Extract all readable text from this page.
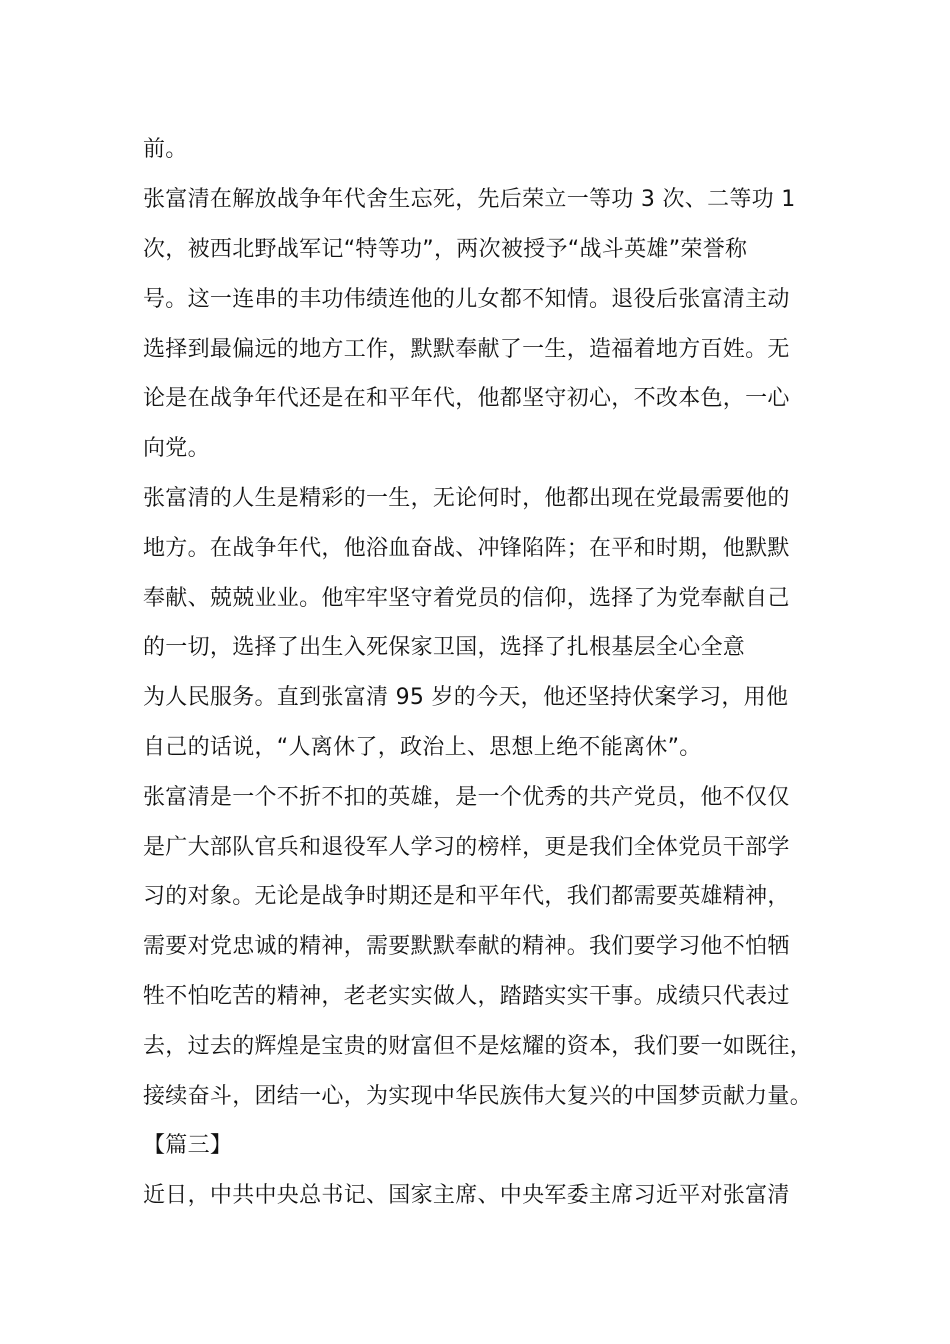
前。
张富清在解放战争年代舍生忘死，先后荣立一等功 3 次、二等功 1
次，被西北野战军记“特等功”，两次被授予“战斗英雄”荣誉称
号。这一连串的丰功伟绩连他的儿女都不知情。退役后张富清主动
选择到最偏远的地方工作，默默奉献了一生，造福着地方百姓。无
论是在战争年代还是在和平年代，他都坚守初心，不改本色，一心
向党。
张富清的人生是精彩的一生，无论何时，他都出现在党最需要他的
地方。在战争年代，他浴血奋战、冲锋陷阵；在平和时期，他默默
奉献、兢兢业业。他牢牢坚守着党员的信仰，选择了为党奉献自己
的一切，选择了出生入死保家卫国，选择了扎根基层全心全意
为人民服务。直到张富清 95 岁的今天，他还坚持伏案学习，用他
自己的话说，“人离休了，政治上、思想上绝不能离休”。
张富清是一个不折不扣的英雄，是一个优秀的共产党员，他不仅仅
是广大部队官兵和退役军人学习的榜样，更是我们全体党员干部学
习的对象。无论是战争时期还是和平年代，我们都需要英雄精神，
需要对党忠诚的精神，需要默默奉献的精神。我们要学习他不怕牺
牲不怕吃苦的精神，老老实实做人，踏踏实实干事。成绩只代表过
去，过去的辉煌是宝贵的财富但不是炫耀的资本，我们要一如既往，
接续奋斗，团结一心，为实现中华民族伟大复兴的中国梦贡献力量。
【篇三】
近日，中共中央总书记、国家主席、中央军委主席习近平对张富清
